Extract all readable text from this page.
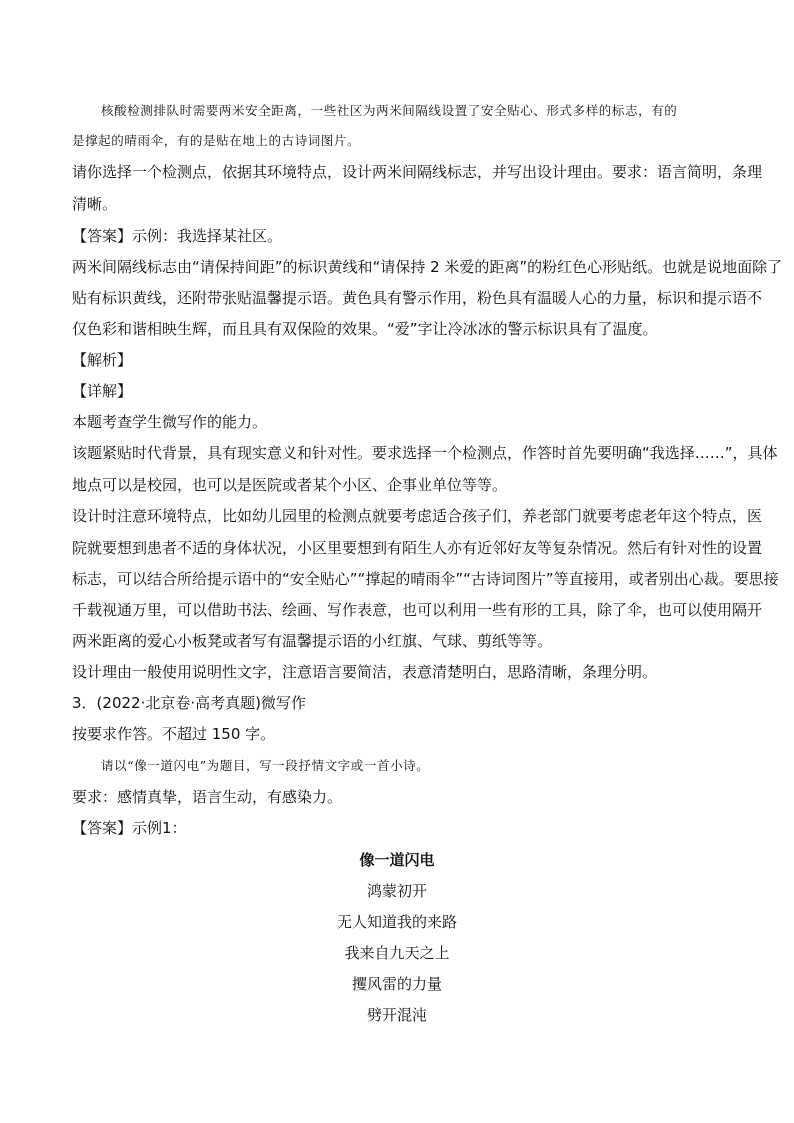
核酸检测排队时需要两米安全距离，一些社区为两米间隔线设置了安全贴心、形式多样的标志，有的
是撑起的晴雨伞，有的是贴在地上的古诗词图片。
请你选择一个检测点，依据其环境特点，设计两米间隔线标志，并写出设计理由。要求：语言简明，条理
清晰。
【答案】示例：我选择某社区。
两米间隔线标志由“请保持间距”的标识黄线和“请保持 2 米爱的距离”的粉红色心形贴纸。也就是说地面除了
贴有标识黄线，还附带张贴温馨提示语。黄色具有警示作用，粉色具有温暖人心的力量，标识和提示语不
仅色彩和谐相映生辉，而且具有双保险的效果。“爱”字让冷冰冰的警示标识具有了温度。
【解析】
【详解】
本题考查学生微写作的能力。
该题紧贴时代背景，具有现实意义和针对性。要求选择一个检测点，作答时首先要明确“我选择……”，具体
地点可以是校园，也可以是医院或者某个小区、企事业单位等等。
设计时注意环境特点，比如幼儿园里的检测点就要考虑适合孩子们，养老部门就要考虑老年这个特点，医
院就要想到患者不适的身体状况，小区里要想到有陌生人亦有近邻好友等复杂情况。然后有针对性的设置
标志，可以结合所给提示语中的“安全贴心”“撑起的晴雨伞”“古诗词图片”等直接用，或者别出心裁。要思接
千载视通万里，可以借助书法、绘画、写作表意，也可以利用一些有形的工具，除了伞，也可以使用隔开
两米距离的爱心小板凳或者写有温馨提示语的小红旗、气球、剪纸等等。
设计理由一般使用说明性文字，注意语言要简洁，表意清楚明白，思路清晰，条理分明。
3．(2022·北京卷·高考真题)微写作
按要求作答。不超过 150 字。
请以“像一道闪电”为题目，写一段抒情文字或一首小诗。
要求：感情真挚，语言生动，有感染力。
【答案】示例1：
像一道闪电
鸿蒙初开
无人知道我的来路
我来自九天之上
攫风雷的力量
劈开混沌
